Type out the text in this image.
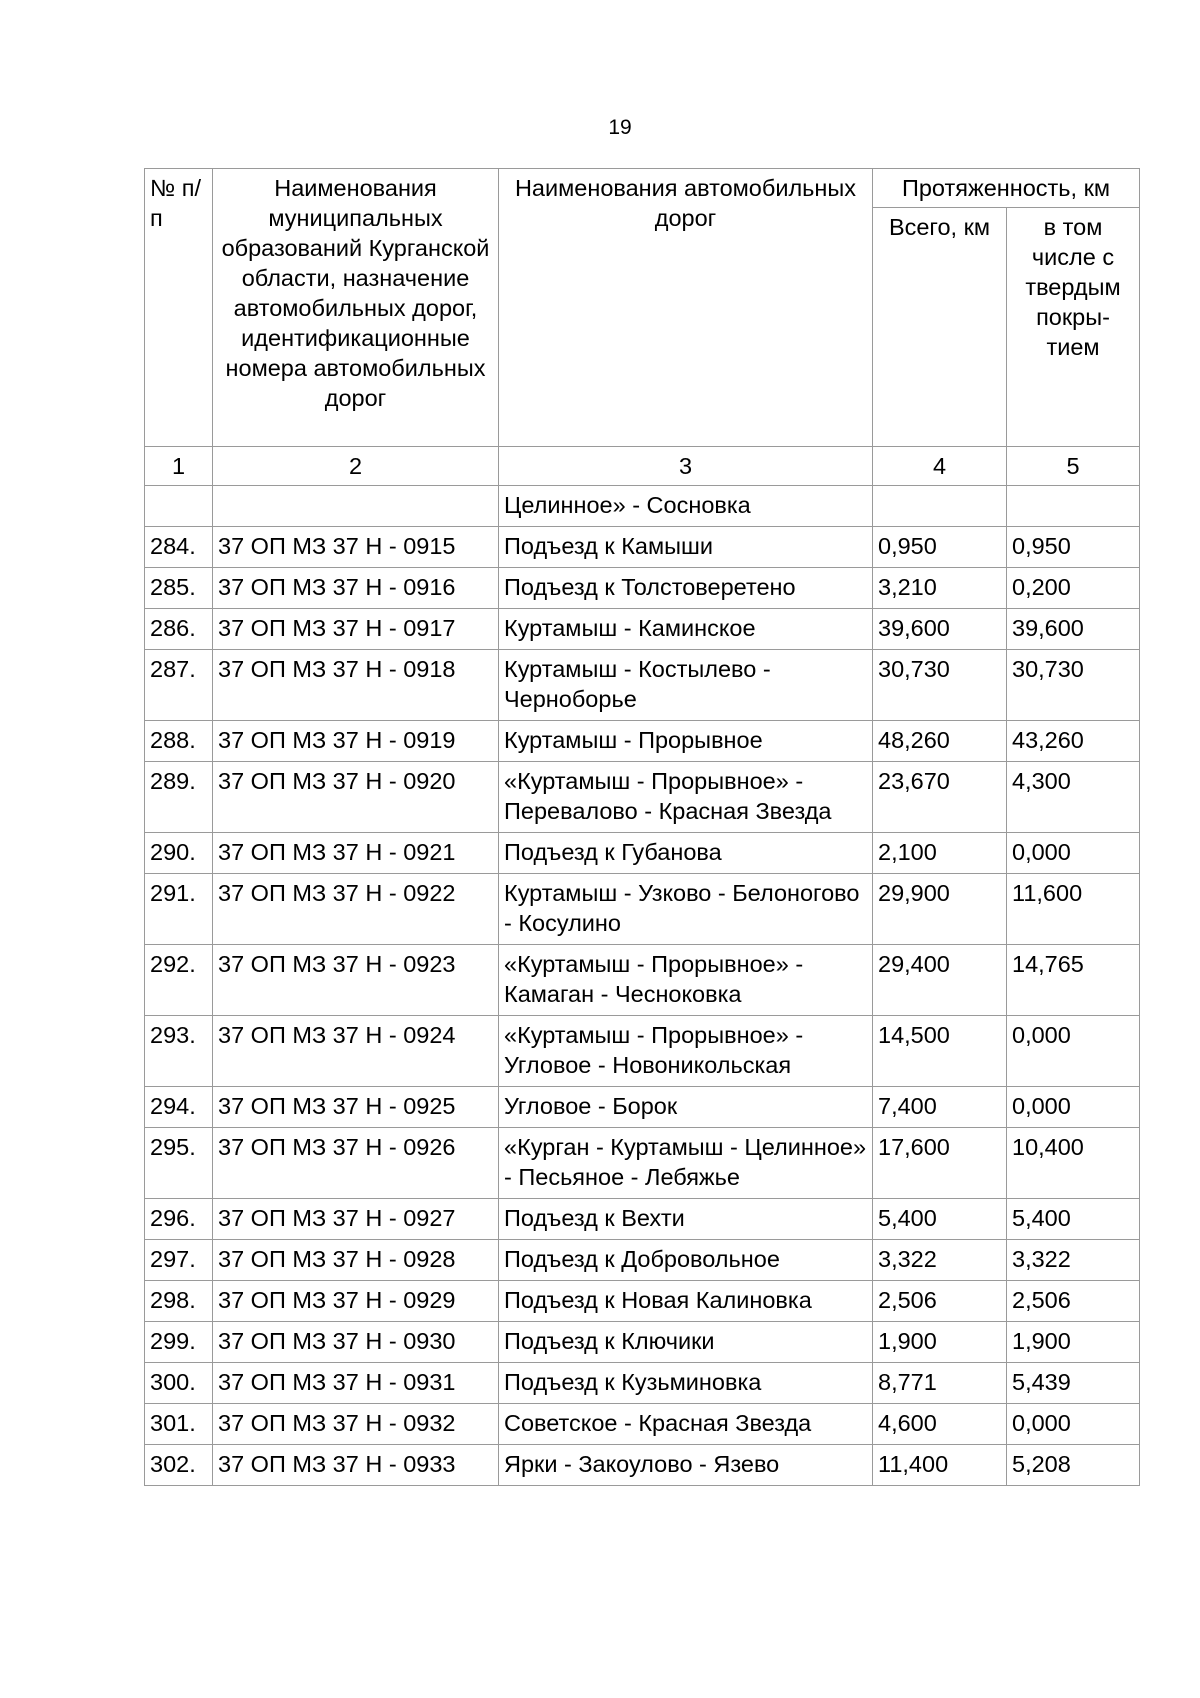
19
№ п/п	Наименования муниципальных образований Курганской области, назначение автомобильных дорог, идентификационные номера автомобильных дорог	Наименования автомобильных дорог	Протяженность, км	
			Всего, км	в том числе с твердым покры-тием
1	2	3	4	5
		Целинное» - Сосновка		
284.	37 ОП МЗ 37 Н - 0915	Подъезд к Камыши	0,950	0,950
285.	37 ОП МЗ 37 Н - 0916	Подъезд к Толстоверетено	3,210	0,200
286.	37 ОП МЗ 37 Н - 0917	Куртамыш - Каминское	39,600	39,600
287.	37 ОП МЗ 37 Н - 0918	Куртамыш - Костылево - Черноборье	30,730	30,730
288.	37 ОП МЗ 37 Н - 0919	Куртамыш - Прорывное	48,260	43,260
289.	37 ОП МЗ 37 Н - 0920	«Куртамыш - Прорывное» - Перевалово - Красная Звезда	23,670	4,300
290.	37 ОП МЗ 37 Н - 0921	Подъезд к Губанова	2,100	0,000
291.	37 ОП МЗ 37 Н - 0922	Куртамыш - Узково - Белоногово - Косулино	29,900	11,600
292.	37 ОП МЗ 37 Н - 0923	«Куртамыш - Прорывное» - Камаган - Чесноковка	29,400	14,765
293.	37 ОП МЗ 37 Н - 0924	«Куртамыш - Прорывное» - Угловое - Новоникольская	14,500	0,000
294.	37 ОП МЗ 37 Н - 0925	Угловое - Борок	7,400	0,000
295.	37 ОП МЗ 37 Н - 0926	«Курган - Куртамыш - Целинное» - Песьяное - Лебяжье	17,600	10,400
296.	37 ОП МЗ 37 Н - 0927	Подъезд к Вехти	5,400	5,400
297.	37 ОП МЗ 37 Н - 0928	Подъезд к Добровольное	3,322	3,322
298.	37 ОП МЗ 37 Н - 0929	Подъезд к Новая Калиновка	2,506	2,506
299.	37 ОП МЗ 37 Н - 0930	Подъезд к Ключики	1,900	1,900
300.	37 ОП МЗ 37 Н - 0931	Подъезд к Кузьминовка	8,771	5,439
301.	37 ОП МЗ 37 Н - 0932	Советское - Красная Звезда	4,600	0,000
302.	37 ОП МЗ 37 Н - 0933	Ярки - Закоулово - Язево	11,400	5,208
